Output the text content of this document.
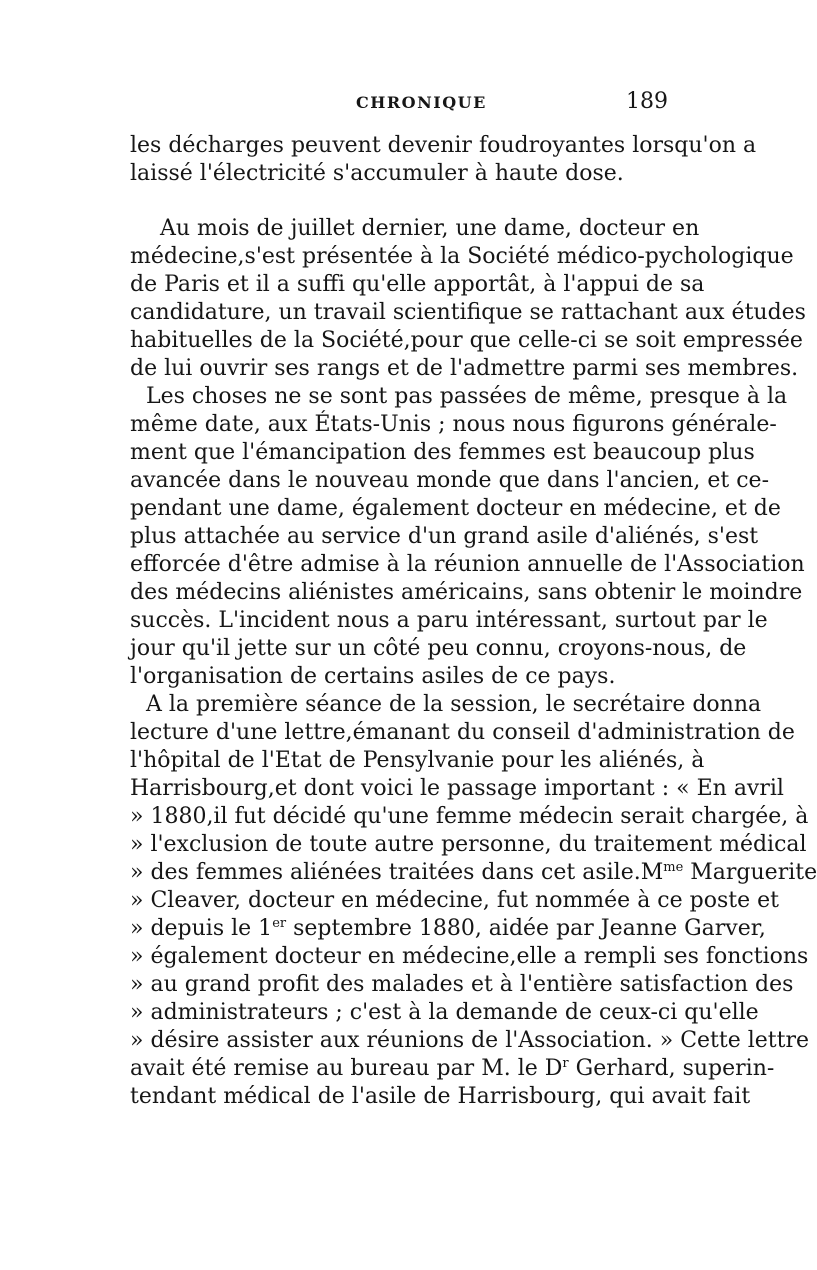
CHRONIQUE	189
les décharges peuvent devenir foudroyantes lorsqu'on a
laissé l'électricité s'accumuler à haute dose.
Au mois de juillet dernier, une dame, docteur en
médecine,s'est présentée à la Société médico-pychologique
de Paris et il a suffi qu'elle apportât, à l'appui de sa
candidature, un travail scientifique se rattachant aux études
habituelles de la Société,pour que celle-ci se soit empressée
de lui ouvrir ses rangs et de l'admettre parmi ses membres.
Les choses ne se sont pas passées de même, presque à la
même date, aux États-Unis ; nous nous figurons générale-
ment que l'émancipation des femmes est beaucoup plus
avancée dans le nouveau monde que dans l'ancien, et ce-
pendant une dame, également docteur en médecine, et de
plus attachée au service d'un grand asile d'aliénés, s'est
efforcée d'être admise à la réunion annuelle de l'Association
des médecins aliénistes américains, sans obtenir le moindre
succès. L'incident nous a paru intéressant, surtout par le
jour qu'il jette sur un côté peu connu, croyons-nous, de
l'organisation de certains asiles de ce pays.
A la première séance de la session, le secrétaire donna
lecture d'une lettre,émanant du conseil d'administration de
l'hôpital de l'Etat de Pensylvanie pour les aliénés, à
Harrisbourg,et dont voici le passage important : « En avril
» 1880,il fut décidé qu'une femme médecin serait chargée, à
» l'exclusion de toute autre personne, du traitement médical
» des femmes aliénées traitées dans cet $asile.M^{me}$ Marguerite
» Cleaver, docteur en médecine, fut nommée à ce poste et
» depuis le 1er septembre 1880, aidée par Jeanne Garver,
» également docteur en médecine,elle a rempli ses fonctions
» au grand profit des malades et à l'entière satisfaction des
» administrateurs ; c'est à la demande de ceux-ci qu'elle
» désire assister aux réunions de l'Association. » Cette lettre
avait été remise au bureau par M. le $D^r$ Gerhard, superin-
tendant médical de l'asile de Harrisbourg, qui avait fait
